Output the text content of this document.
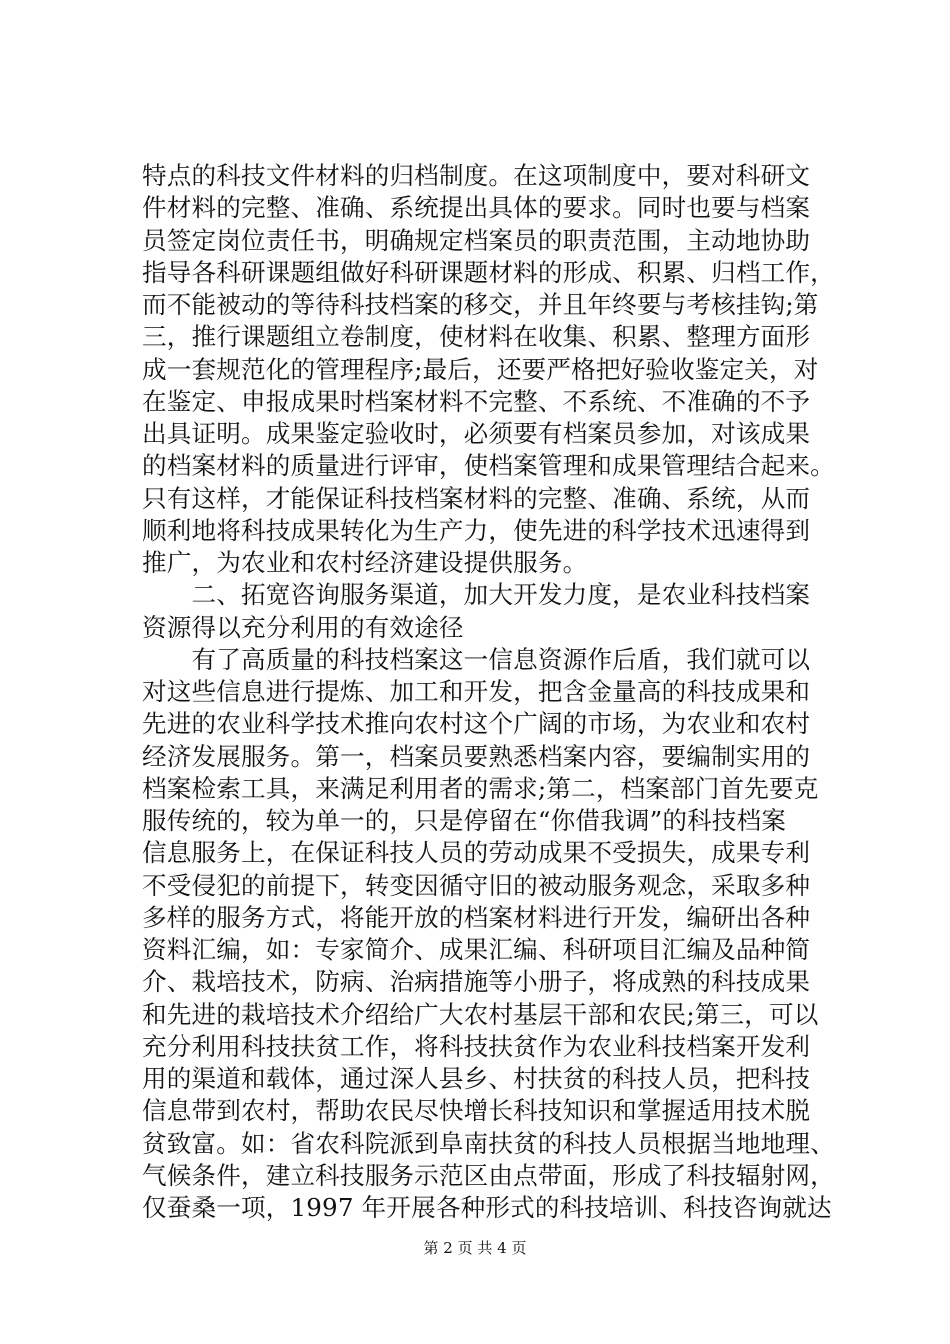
特点的科技文件材料的归档制度。在这项制度中，要对科研文
件材料的完整、准确、系统提出具体的要求。同时也要与档案
员签定岗位责任书，明确规定档案员的职责范围，主动地协助
指导各科研课题组做好科研课题材料的形成、积累、归档工作，
而不能被动的等待科技档案的移交，并且年终要与考核挂钩;第
三，推行课题组立卷制度，使材料在收集、积累、整理方面形
成一套规范化的管理程序;最后，还要严格把好验收鉴定关，对
在鉴定、申报成果时档案材料不完整、不系统、不准确的不予
出具证明。成果鉴定验收时，必须要有档案员参加，对该成果
的档案材料的质量进行评审，使档案管理和成果管理结合起来。
只有这样，才能保证科技档案材料的完整、准确、系统，从而
顺利地将科技成果转化为生产力，使先进的科学技术迅速得到
推广，为农业和农村经济建设提供服务。
　　二、拓宽咨询服务渠道，加大开发力度，是农业科技档案
资源得以充分利用的有效途径
　　有了高质量的科技档案这一信息资源作后盾，我们就可以
对这些信息进行提炼、加工和开发，把含金量高的科技成果和
先进的农业科学技术推向农村这个广阔的市场，为农业和农村
经济发展服务。第一，档案员要熟悉档案内容，要编制实用的
档案检索工具，来满足利用者的需求;第二，档案部门首先要克
服传统的，较为单一的，只是停留在“你借我调”的科技档案
信息服务上，在保证科技人员的劳动成果不受损失，成果专利
不受侵犯的前提下，转变因循守旧的被动服务观念，采取多种
多样的服务方式，将能开放的档案材料进行开发，编研出各种
资料汇编，如：专家简介、成果汇编、科研项目汇编及品种简
介、栽培技术，防病、治病措施等小册子，将成熟的科技成果
和先进的栽培技术介绍给广大农村基层干部和农民;第三，可以
充分利用科技扶贫工作，将科技扶贫作为农业科技档案开发利
用的渠道和载体，通过深人县乡、村扶贫的科技人员，把科技
信息带到农村，帮助农民尽快增长科技知识和掌握适用技术脱
贫致富。如：省农科院派到阜南扶贫的科技人员根据当地地理、
气候条件，建立科技服务示范区由点带面，形成了科技辐射网，
仅蚕桑一项，1997 年开展各种形式的科技培训、科技咨询就达
第 2 页 共 4 页
